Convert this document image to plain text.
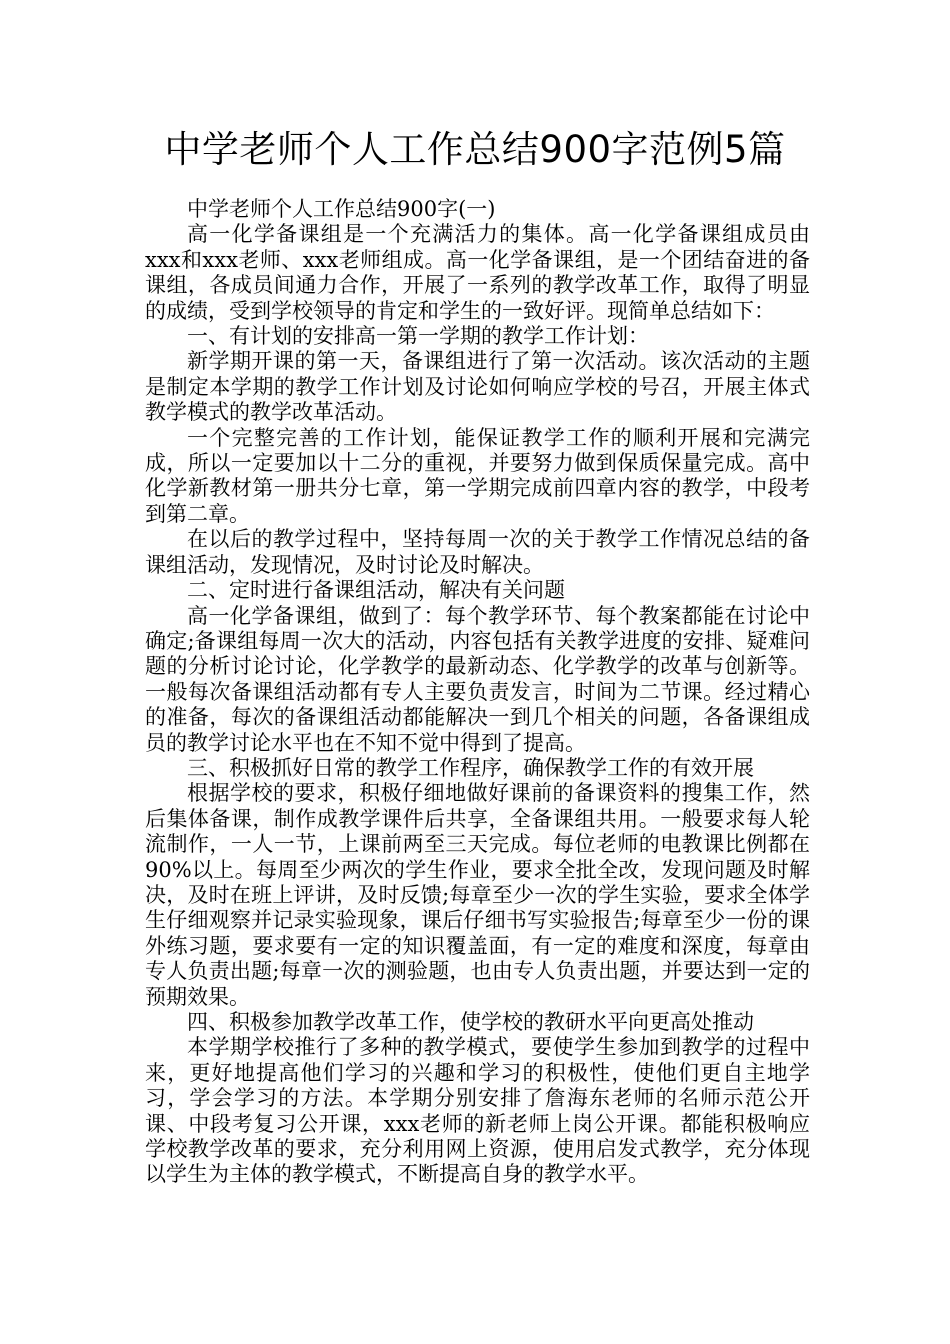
中学老师个人工作总结900字范例5篇

中学老师个人工作总结900字(一)

高一化学备课组是一个充满活力的集体。高一化学备课组成员由xxx和xxx老师、xxx老师组成。高一化学备课组，是一个团结奋进的备课组，各成员间通力合作，开展了一系列的教学改革工作，取得了明显的成绩，受到学校领导的肯定和学生的一致好评。现简单总结如下：

一、有计划的安排高一第一学期的教学工作计划：

新学期开课的第一天，备课组进行了第一次活动。该次活动的主题是制定本学期的教学工作计划及讨论如何响应学校的号召，开展主体式教学模式的教学改革活动。

一个完整完善的工作计划，能保证教学工作的顺利开展和完满完成，所以一定要加以十二分的重视，并要努力做到保质保量完成。高中化学新教材第一册共分七章，第一学期完成前四章内容的教学，中段考到第二章。

在以后的教学过程中，坚持每周一次的关于教学工作情况总结的备课组活动，发现情况，及时讨论及时解决。

二、定时进行备课组活动，解决有关问题

高一化学备课组，做到了：每个教学环节、每个教案都能在讨论中确定;备课组每周一次大的活动，内容包括有关教学进度的安排、疑难问题的分析讨论讨论，化学教学的最新动态、化学教学的改革与创新等。一般每次备课组活动都有专人主要负责发言，时间为二节课。经过精心的准备，每次的备课组活动都能解决一到几个相关的问题，各备课组成员的教学讨论水平也在不知不觉中得到了提高。

三、积极抓好日常的教学工作程序，确保教学工作的有效开展

根据学校的要求，积极仔细地做好课前的备课资料的搜集工作，然后集体备课，制作成教学课件后共享，全备课组共用。一般要求每人轮流制作，一人一节，上课前两至三天完成。每位老师的电教课比例都在90%以上。每周至少两次的学生作业，要求全批全改，发现问题及时解决，及时在班上评讲，及时反馈;每章至少一次的学生实验，要求全体学生仔细观察并记录实验现象，课后仔细书写实验报告;每章至少一份的课外练习题，要求要有一定的知识覆盖面，有一定的难度和深度，每章由专人负责出题;每章一次的测验题，也由专人负责出题，并要达到一定的预期效果。

四、积极参加教学改革工作，使学校的教研水平向更高处推动

本学期学校推行了多种的教学模式，要使学生参加到教学的过程中来，更好地提高他们学习的兴趣和学习的积极性，使他们更自主地学习，学会学习的方法。本学期分别安排了詹海东老师的名师示范公开课、中段考复习公开课，xxx老师的新老师上岗公开课。都能积极响应学校教学改革的要求，充分利用网上资源，使用启发式教学，充分体现以学生为主体的教学模式，不断提高自身的教学水平。
